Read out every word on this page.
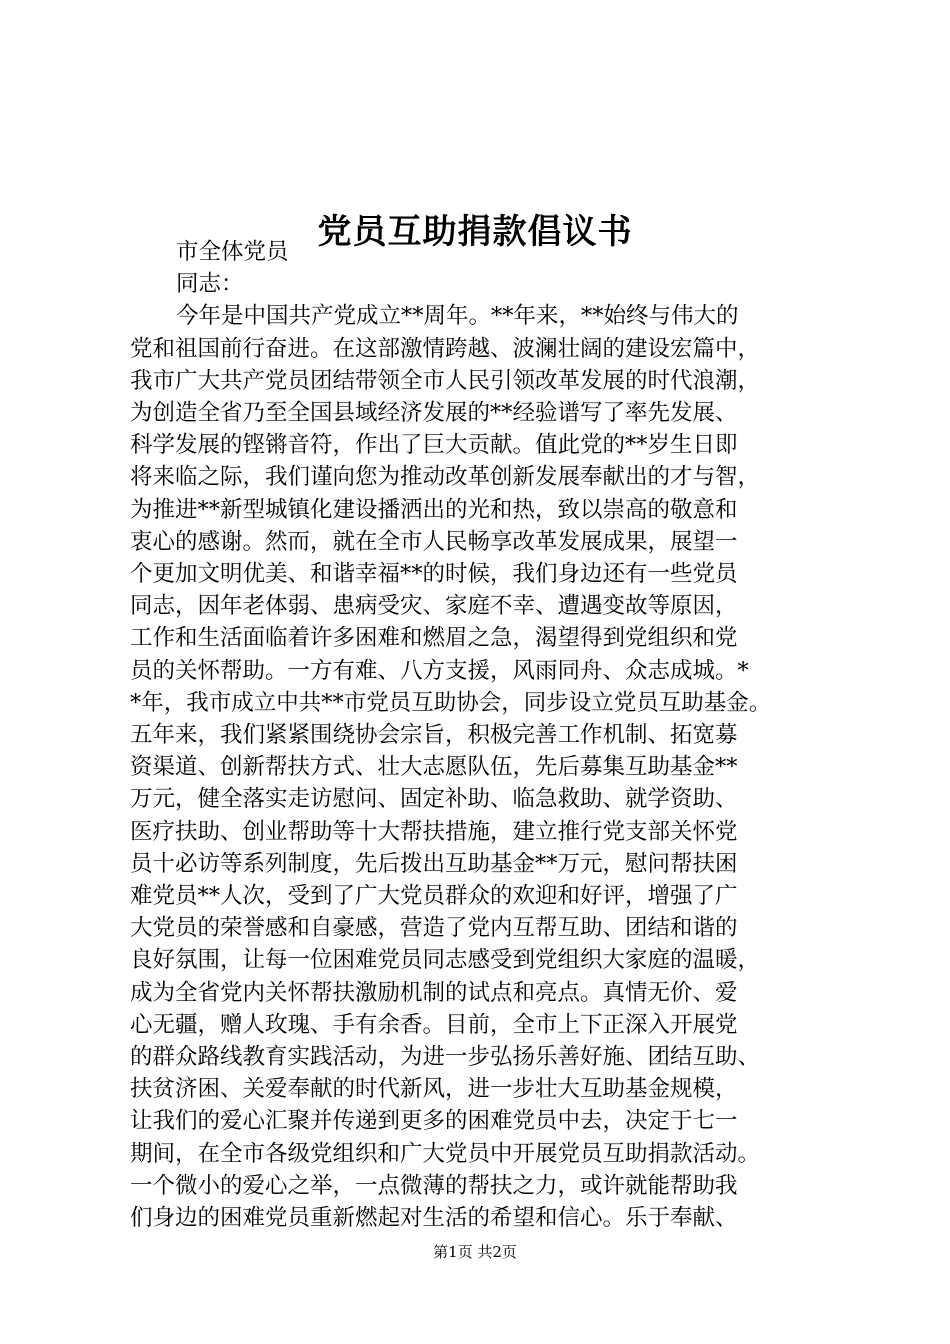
党员互助捐款倡议书
市全体党员
同志：
今年是中国共产党成立**周年。**年来，**始终与伟大的
党和祖国前行奋进。在这部激情跨越、波澜壮阔的建设宏篇中，
我市广大共产党员团结带领全市人民引领改革发展的时代浪潮，
为创造全省乃至全国县域经济发展的**经验谱写了率先发展、
科学发展的铿锵音符，作出了巨大贡献。值此党的**岁生日即
将来临之际，我们谨向您为推动改革创新发展奉献出的才与智，
为推进**新型城镇化建设播洒出的光和热，致以崇高的敬意和
衷心的感谢。然而，就在全市人民畅享改革发展成果，展望一
个更加文明优美、和谐幸福**的时候，我们身边还有一些党员
同志，因年老体弱、患病受灾、家庭不幸、遭遇变故等原因，
工作和生活面临着许多困难和燃眉之急，渴望得到党组织和党
员的关怀帮助。一方有难、八方支援，风雨同舟、众志成城。*
*年，我市成立中共**市党员互助协会，同步设立党员互助基金。
五年来，我们紧紧围绕协会宗旨，积极完善工作机制、拓宽募
资渠道、创新帮扶方式、壮大志愿队伍，先后募集互助基金**
万元，健全落实走访慰问、固定补助、临急救助、就学资助、
医疗扶助、创业帮助等十大帮扶措施，建立推行党支部关怀党
员十必访等系列制度，先后拨出互助基金**万元，慰问帮扶困
难党员**人次，受到了广大党员群众的欢迎和好评，增强了广
大党员的荣誉感和自豪感，营造了党内互帮互助、团结和谐的
良好氛围，让每一位困难党员同志感受到党组织大家庭的温暖，
成为全省党内关怀帮扶激励机制的试点和亮点。真情无价、爱
心无疆，赠人玫瑰、手有余香。目前，全市上下正深入开展党
的群众路线教育实践活动，为进一步弘扬乐善好施、团结互助、
扶贫济困、关爱奉献的时代新风，进一步壮大互助基金规模，
让我们的爱心汇聚并传递到更多的困难党员中去，决定于七一
期间，在全市各级党组织和广大党员中开展党员互助捐款活动。
一个微小的爱心之举，一点微薄的帮扶之力，或许就能帮助我
们身边的困难党员重新燃起对生活的希望和信心。乐于奉献、
第1页 共2页
